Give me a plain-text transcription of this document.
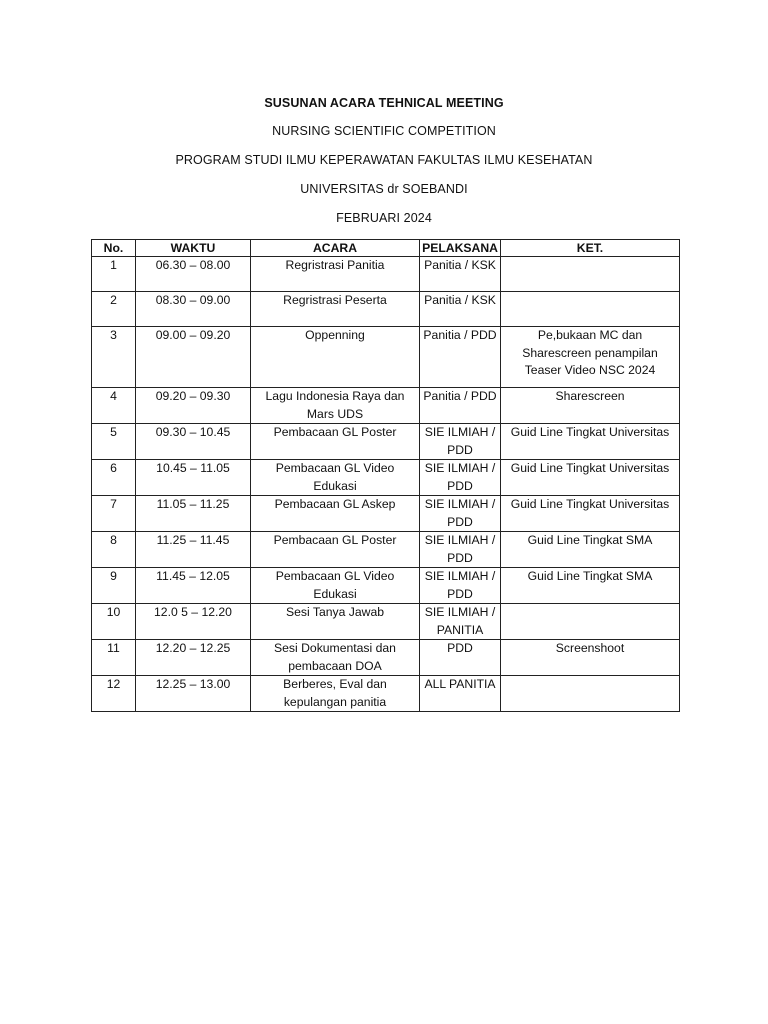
SUSUNAN ACARA TEHNICAL MEETING
NURSING SCIENTIFIC COMPETITION
PROGRAM STUDI ILMU KEPERAWATAN FAKULTAS ILMU KESEHATAN
UNIVERSITAS dr SOEBANDI
FEBRUARI 2024
No.	WAKTU	ACARA	PELAKSANA	KET.
1	06.30 – 08.00	Regristrasi Panitia	Panitia / KSK	
2	08.30 – 09.00	Regristrasi Peserta	Panitia / KSK	
3	09.00 – 09.20	Oppenning	Panitia / PDD	Pe,bukaan MC dan Sharescreen penampilan Teaser Video NSC 2024
4	09.20 – 09.30	Lagu Indonesia Raya dan Mars UDS	Panitia / PDD	Sharescreen
5	09.30 – 10.45	Pembacaan GL Poster	SIE ILMIAH / PDD	Guid Line Tingkat Universitas
6	10.45 – 11.05	Pembacaan GL Video Edukasi	SIE ILMIAH / PDD	Guid Line Tingkat Universitas
7	11.05 – 11.25	Pembacaan GL Askep	SIE ILMIAH / PDD	Guid Line Tingkat Universitas
8	11.25 – 11.45	Pembacaan GL Poster	SIE ILMIAH / PDD	Guid Line Tingkat SMA
9	11.45 – 12.05	Pembacaan GL Video Edukasi	SIE ILMIAH / PDD	Guid Line Tingkat SMA
10	12.0 5 – 12.20	Sesi Tanya Jawab	SIE ILMIAH / PANITIA	
11	12.20 – 12.25	Sesi Dokumentasi dan pembacaan DOA	PDD	Screenshoot
12	12.25 – 13.00	Berberes, Eval dan kepulangan panitia	ALL PANITIA	
